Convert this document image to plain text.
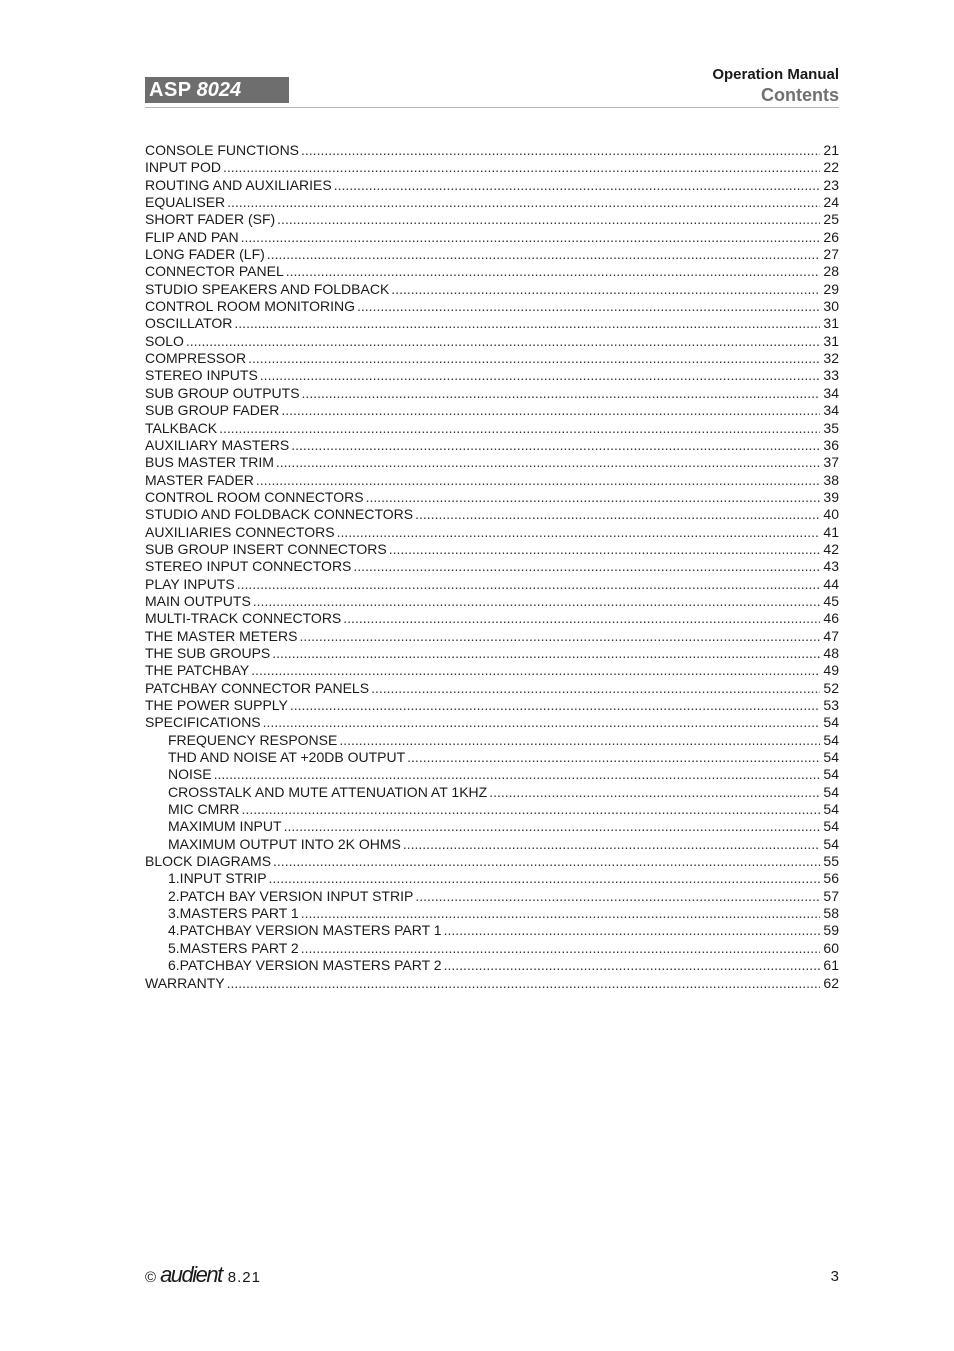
ASP 8024
Operation Manual
Contents
CONSOLE FUNCTIONS .....	21
INPUT POD .....	22
ROUTING AND AUXILIARIES .....	23
EQUALISER .....	24
SHORT FADER (SF) .....	25
FLIP AND PAN .....	26
LONG FADER (LF) .....	27
CONNECTOR PANEL .....	28
STUDIO SPEAKERS AND FOLDBACK .....	29
CONTROL ROOM MONITORING .....	30
OSCILLATOR .....	31
SOLO .....	31
COMPRESSOR .....	32
STEREO INPUTS .....	33
SUB GROUP OUTPUTS .....	34
SUB GROUP FADER .....	34
TALKBACK .....	35
AUXILIARY MASTERS .....	36
BUS MASTER TRIM .....	37
MASTER FADER .....	38
CONTROL ROOM CONNECTORS .....	39
STUDIO AND FOLDBACK CONNECTORS .....	40
AUXILIARIES CONNECTORS .....	41
SUB GROUP INSERT CONNECTORS .....	42
STEREO INPUT CONNECTORS .....	43
PLAY INPUTS .....	44
MAIN OUTPUTS .....	45
MULTI-TRACK CONNECTORS .....	46
THE MASTER METERS .....	47
THE SUB GROUPS .....	48
THE PATCHBAY .....	49
PATCHBAY CONNECTOR PANELS .....	52
THE POWER SUPPLY .....	53
SPECIFICATIONS .....	54
FREQUENCY RESPONSE .....	54
THD AND NOISE AT +20DB OUTPUT .....	54
NOISE .....	54
CROSSTALK AND MUTE ATTENUATION AT 1KHZ .....	54
MIC CMRR .....	54
MAXIMUM INPUT .....	54
MAXIMUM OUTPUT INTO 2K OHMS .....	54
BLOCK DIAGRAMS .....	55
1.INPUT STRIP .....	56
2.PATCH BAY VERSION INPUT STRIP .....	57
3.MASTERS PART 1 .....	58
4.PATCHBAY VERSION MASTERS PART 1 .....	59
5.MASTERS PART 2 .....	60
6.PATCHBAY VERSION MASTERS PART 2 .....	61
WARRANTY .....	62
© audient 8.21	3
